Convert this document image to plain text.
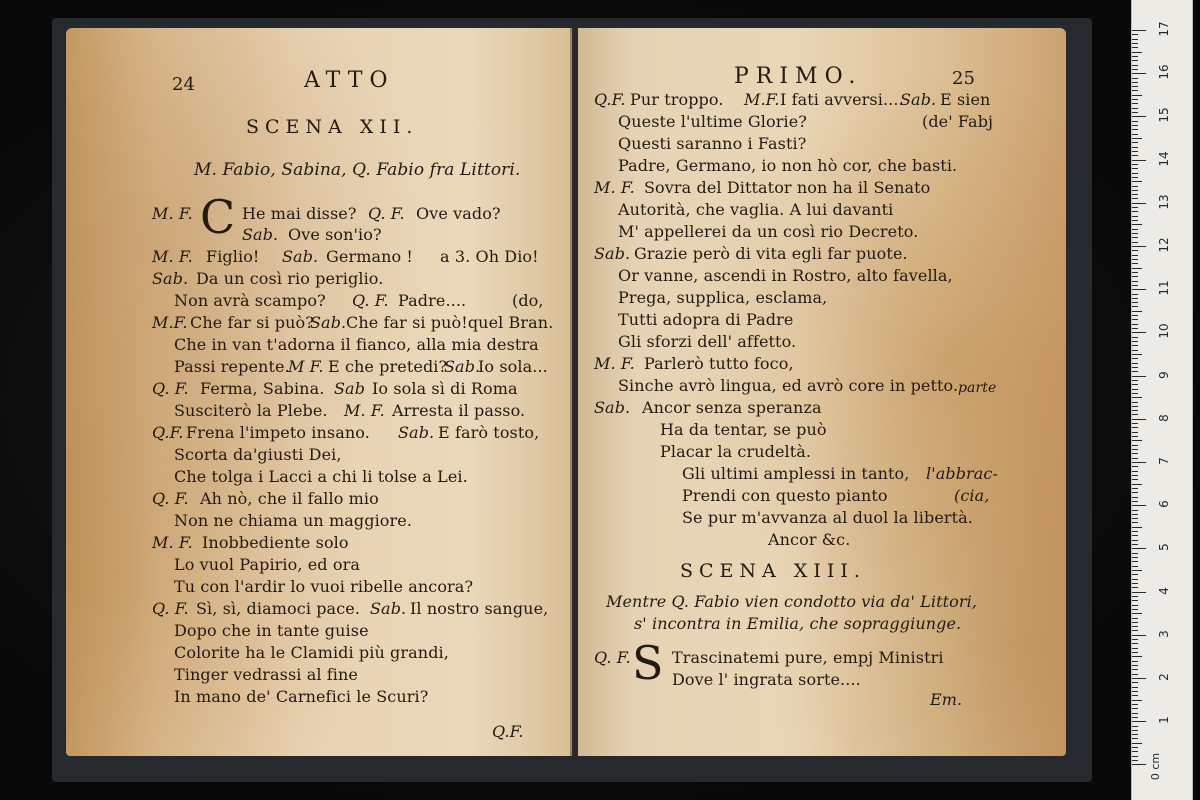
24	ATTO
SCENA XII.
M. Fabio, Sabina, Q. Fabio fra Littori.
C
M. F.	He mai disse? Q. F. Ove vado?
Sab. Ove son'io?
M. F. Figlio! Sab. Germano ! a 3. Oh Dio!
Sab. Da un così rio periglio.
Non avrà scampo? Q. F. Padre....	(do,
M.F. Che far si può?
Sab. Che far si può!quel Bran.
Che in van t'adorna il fianco, alla mia destra
Passi repente.
M F. E che pretedi?
Sab.
Io sola...
Q. F. Ferma, Sabina. Sab Io sola sì di Roma
Susciterò la Plebe. M. F. Arresta il passo.
Q.F. Frena l'impeto insano. Sab. E farò tosto,
Scorta da'giusti Dei,
Che tolga i Lacci a chi li tolse a Lei.
Q. F. Ah nò, che il fallo mio
Non ne chiama un maggiore.
M. F. Inobbediente solo
Lo vuol Papirio, ed ora
Tu con l'ardir lo vuoi ribelle ancora?
Q. F. Sì, sì, diamoci pace. Sab. Il nostro sangue,
Dopo che in tante guise
Colorite ha le Clamidi più grandi,
Tinger vedrassi al fine
In mano de' Carnefici le Scuri?
Q.F.
PRIMO.	25
Q.F. Pur troppo. M.F. I fati avversi....
Sab. E sien
Queste l'ultime Glorie?	(de' Fabj
Questi saranno i Fasti?
Padre, Germano, io non hò cor, che basti.
M. F. Sovra del Dittator non ha il Senato
Autorità, che vaglia. A lui davanti
M' appellerei da un così rio Decreto.
Sab. Grazie però di vita egli far puote.
Or vanne, ascendi in Rostro, alto favella,
Prega, supplica, esclama,
Tutti adopra di Padre
Gli sforzi dell' affetto.
M. F. Parlerò tutto foco,
Sinche avrò lingua, ed avrò core in petto. parte
Sab. Ancor senza speranza
Ha da tentar, se può
Placar la crudeltà.
Gli ultimi amplessi in tanto, l'abbrac-
Prendi con questo pianto	(cia,
Se pur m'avvanza al duol la libertà.
Ancor &c.
SCENA XIII.
Mentre Q. Fabio vien condotto via da' Littori,
s' incontra in Emilia, che sopraggiunge.
Q. F. S Trascinatemi pure, empj Ministri
Dove l' ingrata sorte....
Em.
17
16
15
14
13
12
11
10
9
8
7
6
5
4
3
2
1
0 cm
